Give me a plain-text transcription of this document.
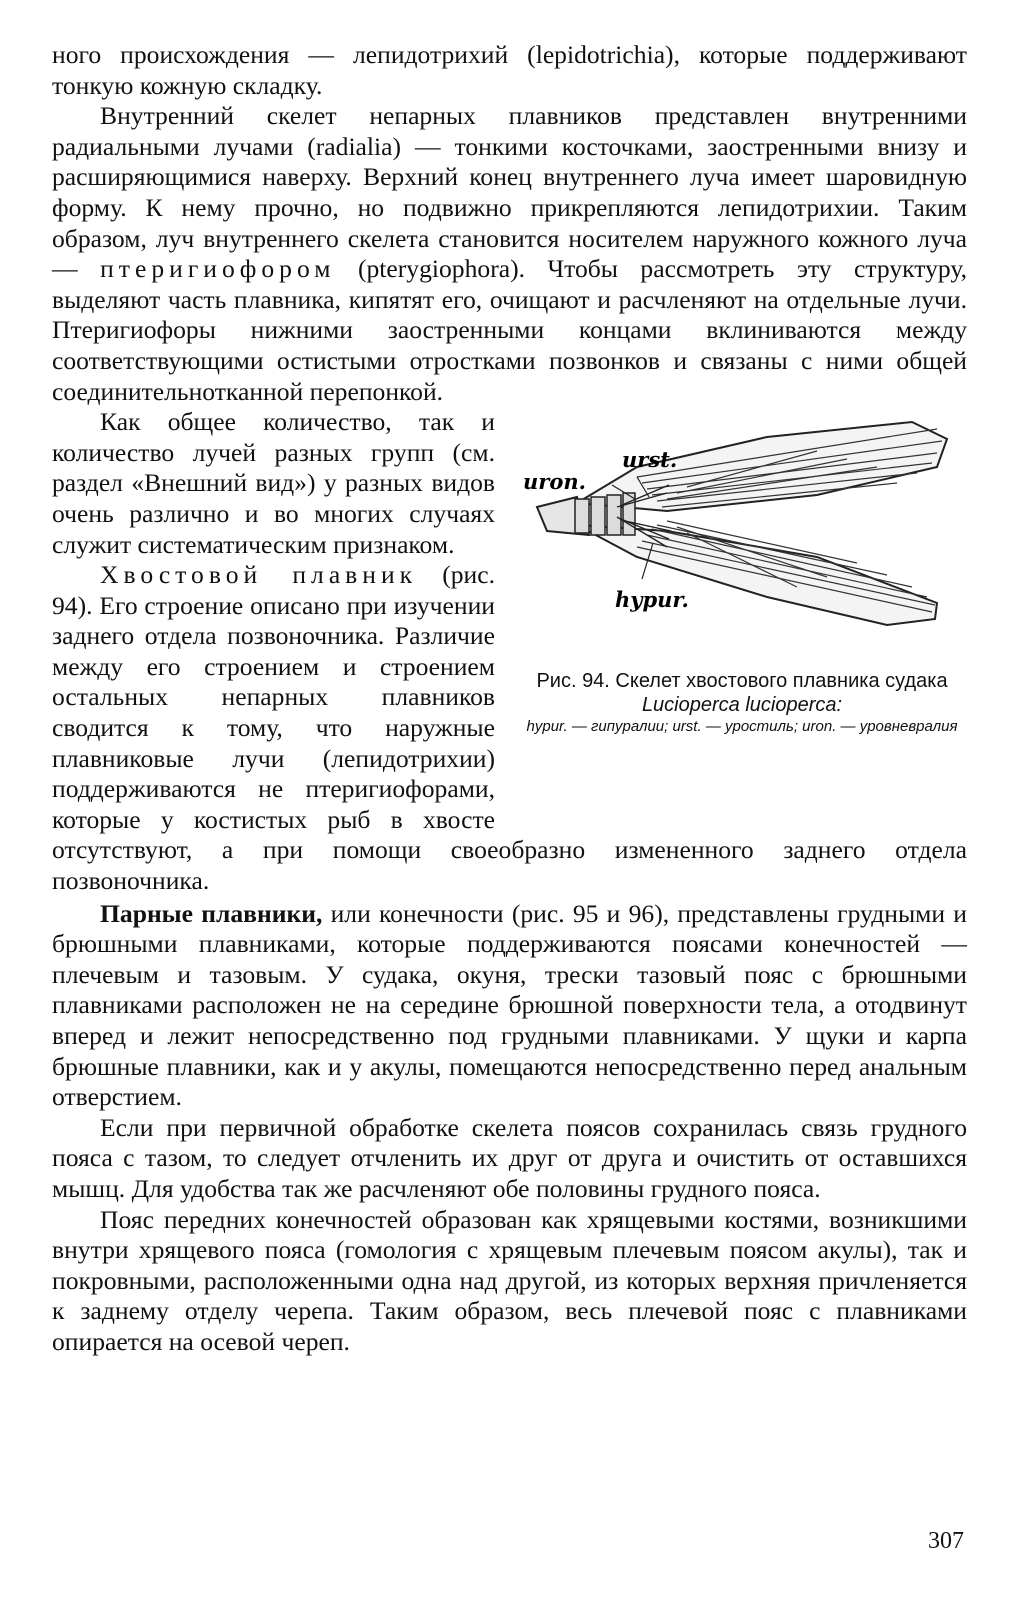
ного происхождения — лепидотрихий (lepidotrichia), которые поддерживают тонкую кожную складку.

Внутренний скелет непарных плавников представлен внутренними радиальными лучами (radialia) — тонкими косточками, заостренными внизу и расширяющимися наверху. Верхний конец внутреннего луча имеет шаровидную форму. К нему прочно, но подвижно прикрепляются лепидотрихии. Таким образом, луч внутреннего скелета становится носителем наружного кожного луча — птеригиофором (pterygiophora). Чтобы рассмотреть эту структуру, выделяют часть плавника, кипятят его, очищают и расчленяют на отдельные лучи. Птеригиофоры нижними заостренными концами вклиниваются между соответствующими остистыми отростками позвонков и связаны с ними общей соединительнотканной перепонкой.

urst.
uron.
hypur.
Рис. 94. Скелет хвостового плавника судака Lucioperca lucioperca:
hypur. — гипуралии; urst. — уростиль; uron. — уровневралия

Как общее количество, так и количество лучей разных групп (см. раздел «Внешний вид») у разных видов очень различно и во многих случаях служит систематическим признаком.

Хвостовой плавник (рис. 94). Его строение описано при изучении заднего отдела позвоночника. Различие между его строением и строением остальных непарных плавников сводится к тому, что наружные плавниковые лучи (лепидотрихии) поддерживаются не птеригиофорами, которые у костистых рыб в хвосте отсутствуют, а при помощи своеобразно измененного заднего отдела позвоночника.

Парные плавники, или конечности (рис. 95 и 96), представлены грудными и брюшными плавниками, которые поддерживаются поясами конечностей — плечевым и тазовым. У судака, окуня, трески тазовый пояс с брюшными плавниками расположен не на середине брюшной поверхности тела, а отодвинут вперед и лежит непосредственно под грудными плавниками. У щуки и карпа брюшные плавники, как и у акулы, помещаются непосредственно перед анальным отверстием.

Если при первичной обработке скелета поясов сохранилась связь грудного пояса с тазом, то следует отчленить их друг от друга и очистить от оставшихся мышц. Для удобства так же расчленяют обе половины грудного пояса.

Пояс передних конечностей образован как хрящевыми костями, возникшими внутри хрящевого пояса (гомология с хрящевым плечевым поясом акулы), так и покровными, расположенными одна над другой, из которых верхняя причленяется к заднему отделу черепа. Таким образом, весь плечевой пояс с плавниками опирается на осевой череп.

307
